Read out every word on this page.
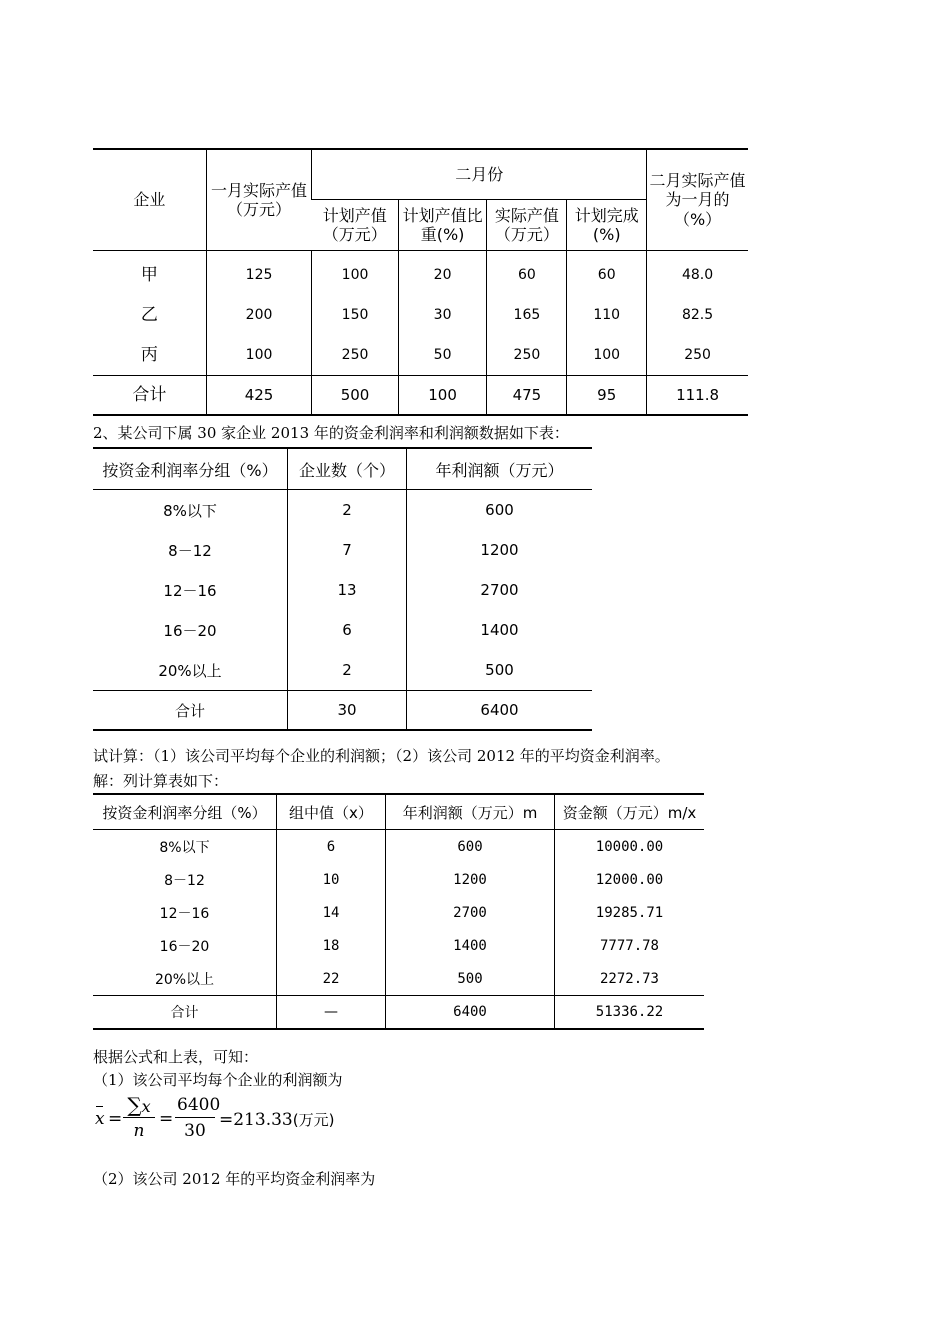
企业	一月实际产值（万元）	二月份				二月实际产值为一月的（%）
		计划产值（万元）	计划产值比重(%)	实际产值（万元）	计划完成(%)	
甲	125	100	20	60	60	48.0
乙	200	150	30	165	110	82.5
丙	100	250	50	250	100	250
合计	425	500	100	475	95	111.8
2、某公司下属 30 家企业 2013 年的资金利润率和利润额数据如下表：
按资金利润率分组（%）	企业数（个）	年利润额（万元）
8%以下	2	600
8－12	7	1200
12－16	13	2700
16－20	6	1400
20%以上	2	500
合计	30	6400
试计算：（1）该公司平均每个企业的利润额；（2）该公司 2012 年的平均资金利润率。
解：列计算表如下：
按资金利润率分组（%）	组中值（x）	年利润额（万元）m	资金额（万元）m/x
8%以下	6	600	10000.00
8－12	10	1200	12000.00
12－16	14	2700	19285.71
16－20	18	1400	7777.78
20%以上	22	500	2272.73
合计	—	6400	51336.22
根据公式和上表，可知：
（1）该公司平均每个企业的利润额为
$x = \frac{\sum x}{n} = \frac{6400}{30} =213.33$(万元)
（2）该公司 2012 年的平均资金利润率为
